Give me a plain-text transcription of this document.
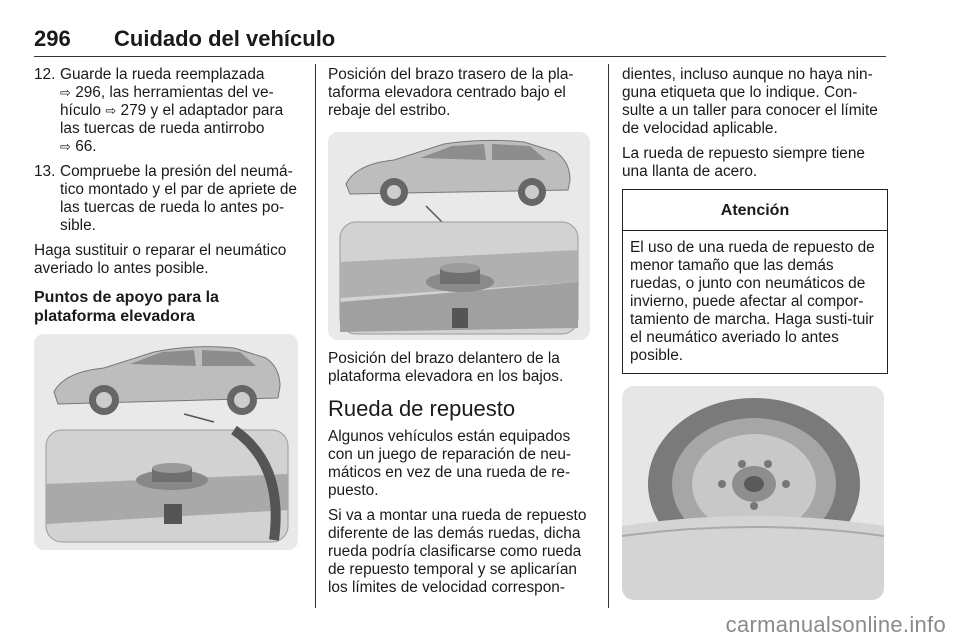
296 Cuidado del vehículo
12. Guarde la rueda reemplazada
⇨ 296, las herramientas del ve-
hículo ⇨ 279 y el adaptador para
las tuercas de rueda antirrobo
⇨ 66.
13. Compruebe la presión del neumá-tico montado y el par de apriete de las tuercas de rueda lo antes po-sible.

Haga sustituir o reparar el neumático averiado lo antes posible.

Puntos de apoyo para la plataforma elevadora

Posición del brazo trasero de la pla-taforma elevadora centrado bajo el rebaje del estribo.

Posición del brazo delantero de la plataforma elevadora en los bajos.

Rueda de repuesto

Algunos vehículos están equipados con un juego de reparación de neu-máticos en vez de una rueda de re-puesto.

Si va a montar una rueda de repuesto diferente de las demás ruedas, dicha rueda podría clasificarse como rueda de repuesto temporal y se aplicarían los límites de velocidad correspon-

dientes, incluso aunque no haya nin-guna etiqueta que lo indique. Con-sulte a un taller para conocer el límite de velocidad aplicable.

La rueda de repuesto siempre tiene una llanta de acero.

Atención
El uso de una rueda de repuesto de menor tamaño que las demás ruedas, o junto con neumáticos de invierno, puede afectar al compor-tamiento de marcha. Haga susti-tuir el neumático averiado lo antes posible.
carmanualsonline.info
